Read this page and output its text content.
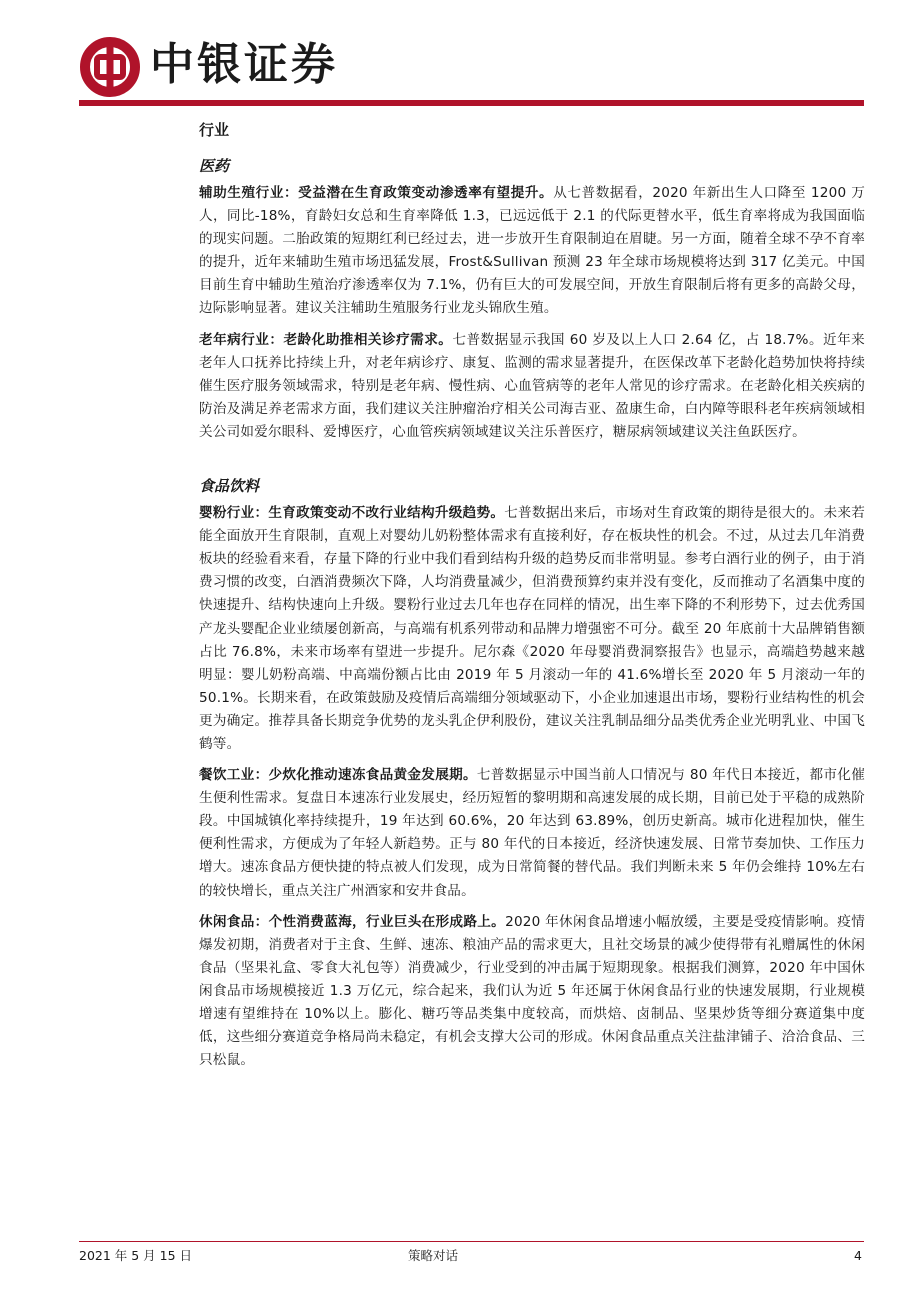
中银证券
行业
医药

辅助生殖行业：受益潜在生育政策变动渗透率有望提升。从七普数据看，2020 年新出生人口降至 1200 万人，同比-18%，育龄妇女总和生育率降低 1.3，已远远低于 2.1 的代际更替水平，低生育率将成为我国面临的现实问题。二胎政策的短期红利已经过去，进一步放开生育限制迫在眉睫。另一方面，随着全球不孕不育率的提升，近年来辅助生殖市场迅猛发展，Frost&Sullivan 预测 23 年全球市场规模将达到 317 亿美元。中国目前生育中辅助生殖治疗渗透率仅为 7.1%，仍有巨大的可发展空间，开放生育限制后将有更多的高龄父母，边际影响显著。建议关注辅助生殖服务行业龙头锦欣生殖。

老年病行业：老龄化助推相关诊疗需求。七普数据显示我国 60 岁及以上人口 2.64 亿，占 18.7%。近年来老年人口抚养比持续上升，对老年病诊疗、康复、监测的需求显著提升，在医保改革下老龄化趋势加快将持续催生医疗服务领域需求，特别是老年病、慢性病、心血管病等的老年人常见的诊疗需求。在老龄化相关疾病的防治及满足养老需求方面，我们建议关注肿瘤治疗相关公司海吉亚、盈康生命，白内障等眼科老年疾病领域相关公司如爱尔眼科、爱博医疗，心血管疾病领域建议关注乐普医疗，糖尿病领域建议关注鱼跃医疗。

食品饮料

婴粉行业：生育政策变动不改行业结构升级趋势。七普数据出来后，市场对生育政策的期待是很大的。未来若能全面放开生育限制，直观上对婴幼儿奶粉整体需求有直接利好，存在板块性的机会。不过，从过去几年消费板块的经验看来看，存量下降的行业中我们看到结构升级的趋势反而非常明显。参考白酒行业的例子，由于消费习惯的改变，白酒消费频次下降，人均消费量减少，但消费预算约束并没有变化，反而推动了名酒集中度的快速提升、结构快速向上升级。婴粉行业过去几年也存在同样的情况，出生率下降的不利形势下，过去优秀国产龙头婴配企业业绩屡创新高，与高端有机系列带动和品牌力增强密不可分。截至 20 年底前十大品牌销售额占比 76.8%，未来市场率有望进一步提升。尼尔森《2020 年母婴消费洞察报告》也显示，高端趋势越来越明显：婴儿奶粉高端、中高端份额占比由 2019 年 5 月滚动一年的 41.6%增长至 2020 年 5 月滚动一年的 50.1%。长期来看，在政策鼓励及疫情后高端细分领域驱动下，小企业加速退出市场，婴粉行业结构性的机会更为确定。推荐具备长期竞争优势的龙头乳企伊利股份，建议关注乳制品细分品类优秀企业光明乳业、中国飞鹤等。

餐饮工业：少炊化推动速冻食品黄金发展期。七普数据显示中国当前人口情况与 80 年代日本接近，都市化催生便利性需求。复盘日本速冻行业发展史，经历短暂的黎明期和高速发展的成长期，目前已处于平稳的成熟阶段。中国城镇化率持续提升，19 年达到 60.6%，20 年达到 63.89%，创历史新高。城市化进程加快，催生便利性需求，方便成为了年轻人新趋势。正与 80 年代的日本接近，经济快速发展、日常节奏加快、工作压力增大。速冻食品方便快捷的特点被人们发现，成为日常简餐的替代品。我们判断未来 5 年仍会维持 10%左右的较快增长，重点关注广州酒家和安井食品。

休闲食品：个性消费蓝海，行业巨头在形成路上。2020 年休闲食品增速小幅放缓，主要是受疫情影响。疫情爆发初期，消费者对于主食、生鲜、速冻、粮油产品的需求更大，且社交场景的减少使得带有礼赠属性的休闲食品（坚果礼盒、零食大礼包等）消费减少，行业受到的冲击属于短期现象。根据我们测算，2020 年中国休闲食品市场规模接近 1.3 万亿元，综合起来，我们认为近 5 年还属于休闲食品行业的快速发展期，行业规模增速有望维持在 10%以上。膨化、糖巧等品类集中度较高，而烘焙、卤制品、坚果炒货等细分赛道集中度低，这些细分赛道竞争格局尚未稳定，有机会支撑大公司的形成。休闲食品重点关注盐津铺子、洽洽食品、三只松鼠。

2021 年 5 月 15 日	策略对话	4
